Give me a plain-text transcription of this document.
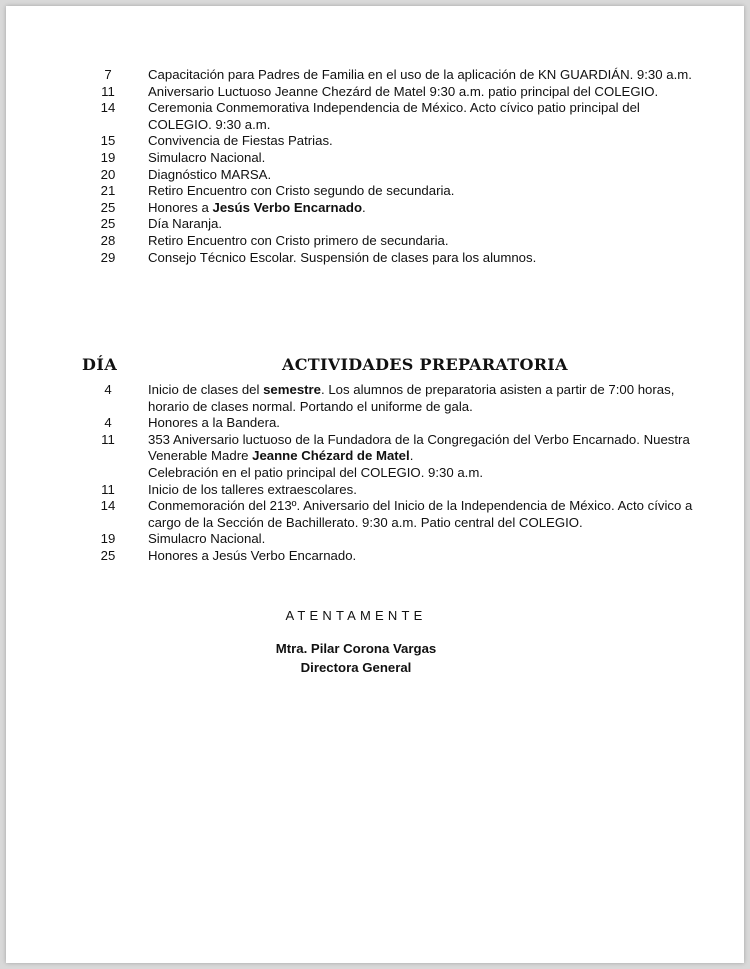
7	Capacitación para Padres de Familia en el uso de la aplicación de KN GUARDIÁN. 9:30 a.m.
11	Aniversario Luctuoso Jeanne Chezárd de Matel 9:30 a.m. patio principal del COLEGIO.
14	Ceremonia Conmemorativa Independencia de México. Acto cívico patio principal del COLEGIO. 9:30 a.m.
15	Convivencia de Fiestas Patrias.
19	Simulacro Nacional.
20	Diagnóstico MARSA.
21	Retiro Encuentro con Cristo segundo de secundaria.
25	Honores a Jesús Verbo Encarnado.
25	Día Naranja.
28	Retiro Encuentro con Cristo primero de secundaria.
29	Consejo Técnico Escolar. Suspensión de clases para los alumnos.
DÍA	ACTIVIDADES PREPARATORIA
4	Inicio de clases del semestre. Los alumnos de preparatoria asisten a partir de 7:00 horas, horario de clases normal. Portando el uniforme de gala.
4	Honores a la Bandera.
11	353 Aniversario luctuoso de la Fundadora de la Congregación del Verbo Encarnado. Nuestra Venerable Madre Jeanne Chézard de Matel.
Celebración en el patio principal del COLEGIO. 9:30 a.m.
11	Inicio de los talleres extraescolares.
14	Conmemoración del 213º. Aniversario del Inicio de la Independencia de México. Acto cívico a cargo de la Sección de Bachillerato. 9:30 a.m. Patio central del COLEGIO.
19	Simulacro Nacional.
25	Honores a Jesús Verbo Encarnado.
ATENTAMENTE
Mtra. Pilar Corona Vargas
Directora General
